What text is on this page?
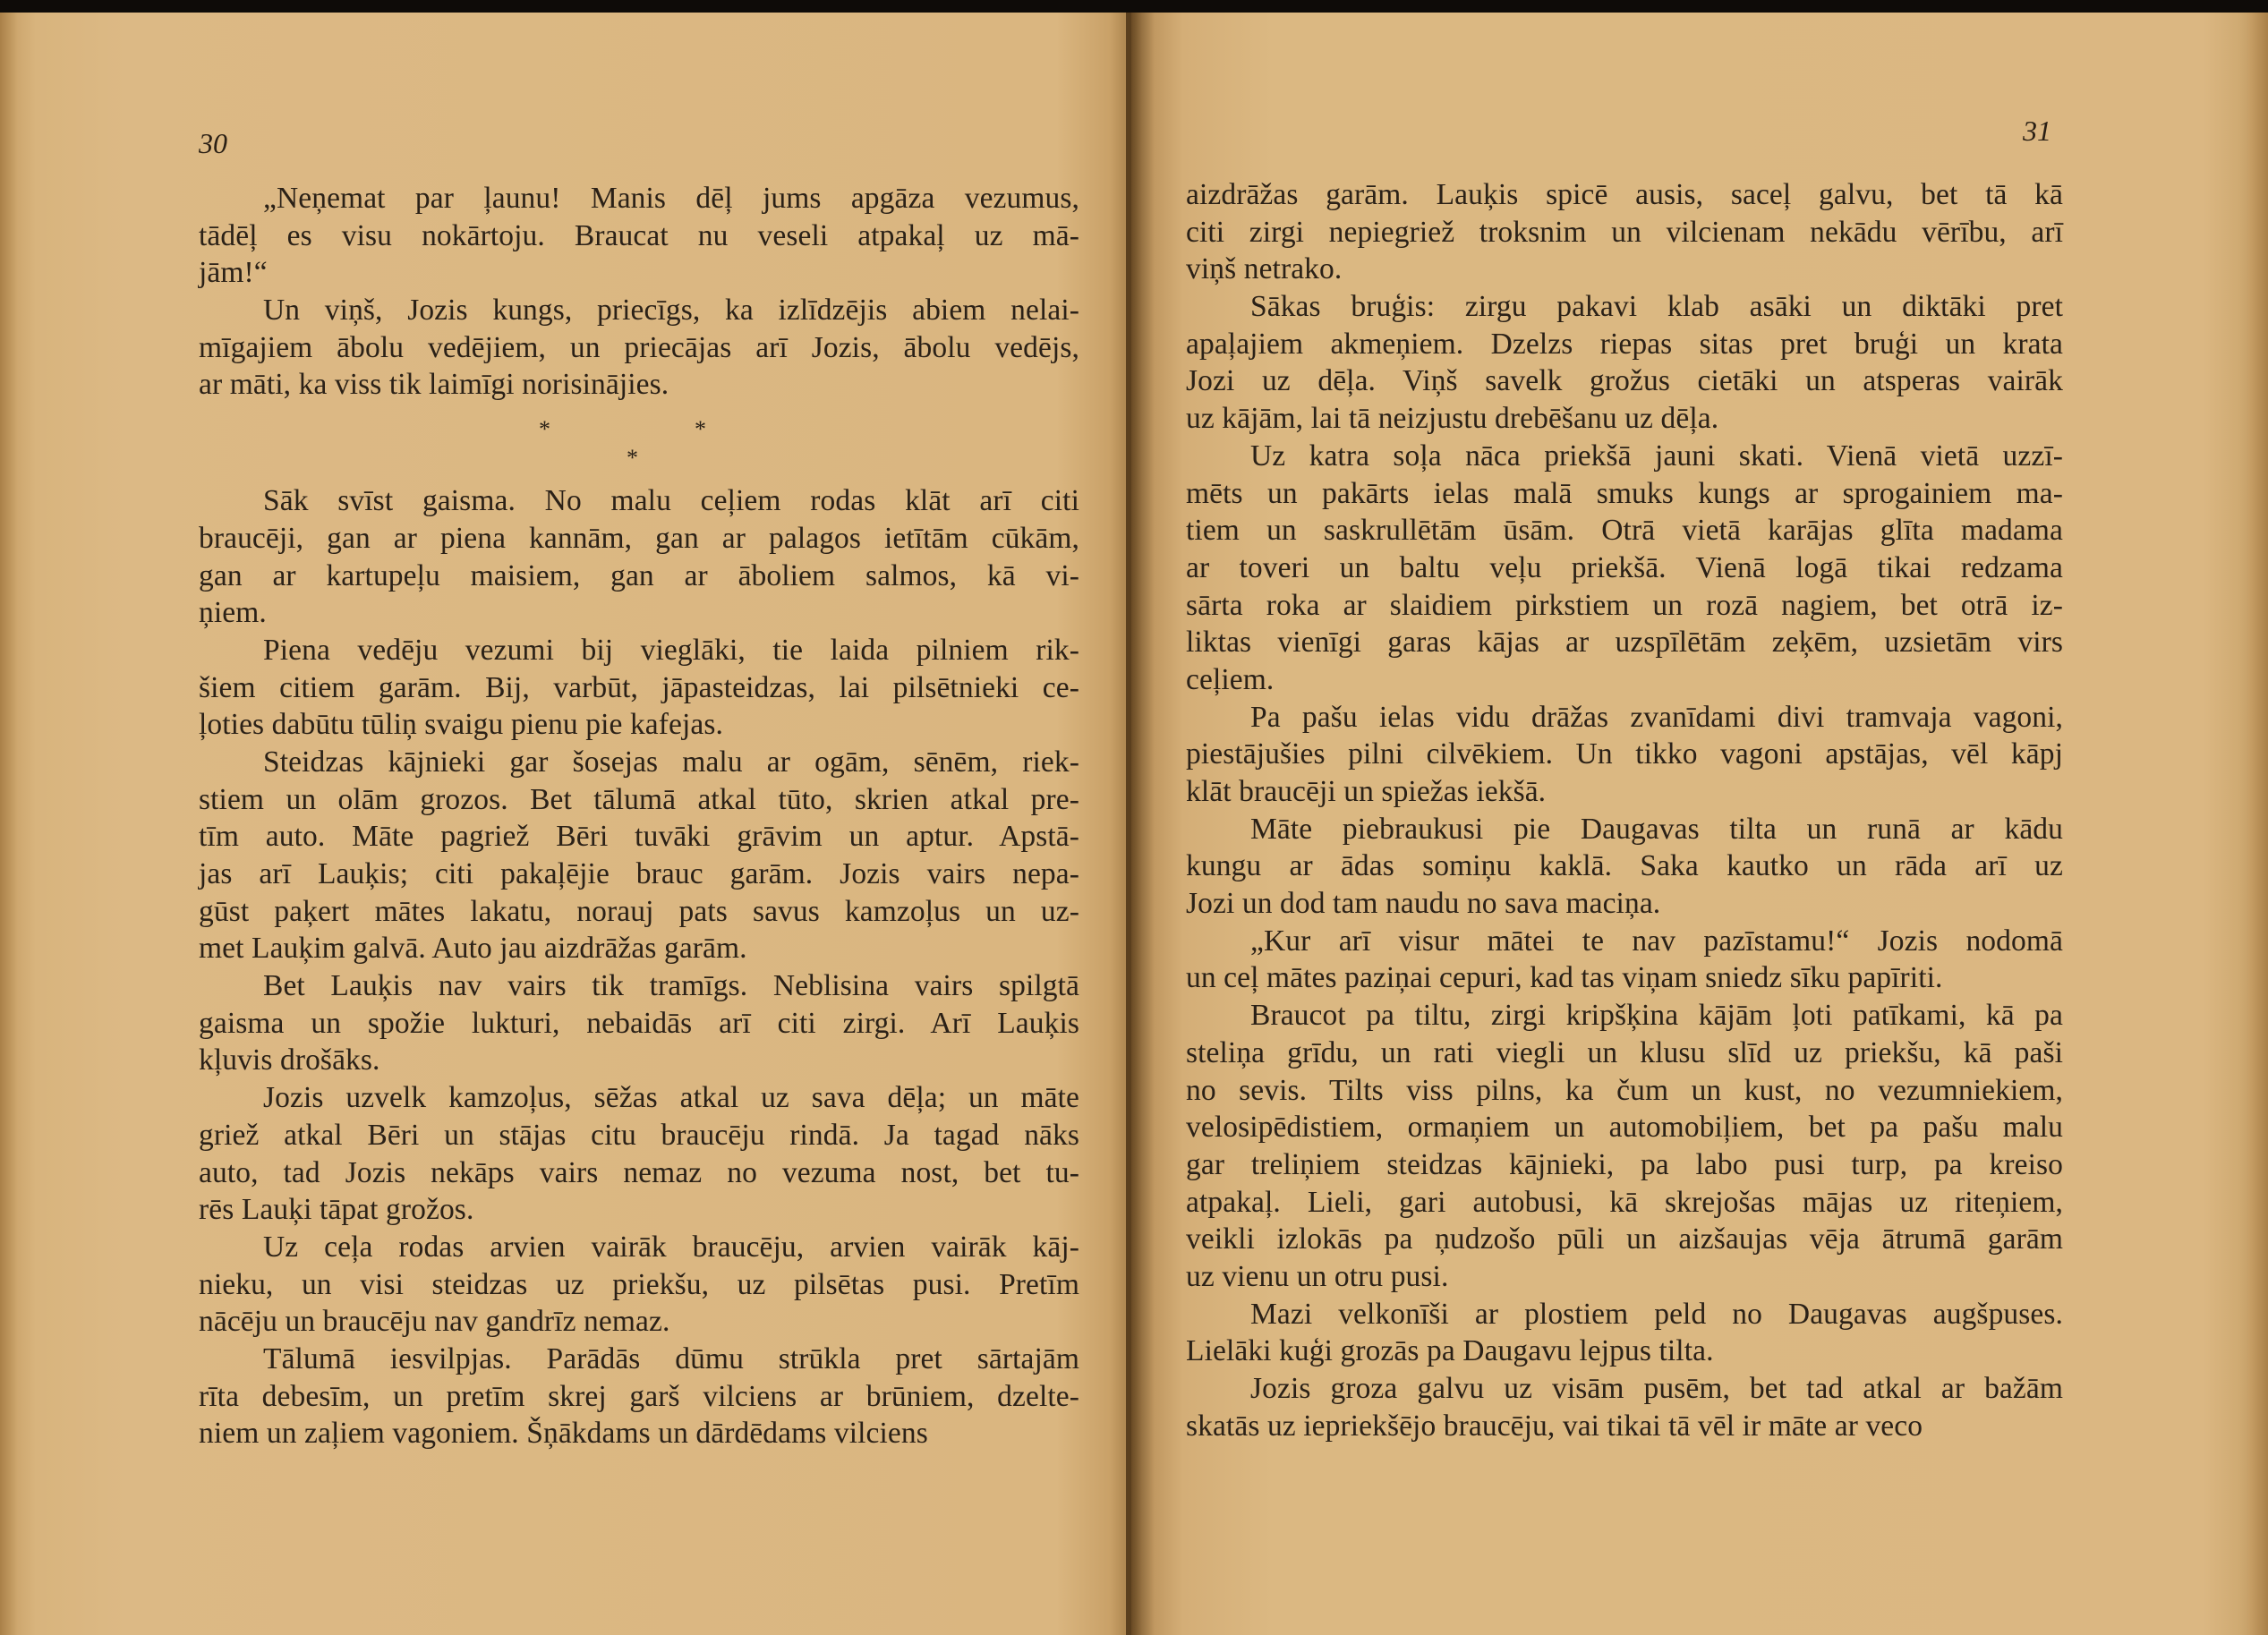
30	31
„Neņemat par ļaunu! Manis dēļ jums apgāza vezumus,
tādēļ es visu nokārtoju. Braucat nu veseli atpakaļ uz mā-
jām!“
Un viņš, Jozis kungs, priecīgs, ka izlīdzējis abiem nelai-
mīgajiem ābolu vedējiem, un priecājas arī Jozis, ābolu vedējs,
ar māti, ka viss tik laimīgi norisinājies.
*	*
*
Sāk svīst gaisma. No malu ceļiem rodas klāt arī citi
braucēji, gan ar piena kannām, gan ar palagos ietītām cūkām,
gan ar kartupeļu maisiem, gan ar āboliem salmos, kā vi-
ņiem.
Piena vedēju vezumi bij vieglāki, tie laida pilniem rik-
šiem citiem garām. Bij, varbūt, jāpasteidzas, lai pilsētnieki ce-
ļoties dabūtu tūliņ svaigu pienu pie kafejas.
Steidzas kājnieki gar šosejas malu ar ogām, sēnēm, riek-
stiem un olām grozos. Bet tālumā atkal tūto, skrien atkal pre-
tīm auto. Māte pagriež Bēri tuvāki grāvim un aptur. Apstā-
jas arī Lauķis; citi pakaļējie brauc garām. Jozis vairs nepa-
gūst paķert mātes lakatu, norauj pats savus kamzoļus un uz-
met Lauķim galvā. Auto jau aizdrāžas garām.
Bet Lauķis nav vairs tik tramīgs. Neblisina vairs spilgtā
gaisma un spožie lukturi, nebaidās arī citi zirgi. Arī Lauķis
kļuvis drošāks.
Jozis uzvelk kamzoļus, sēžas atkal uz sava dēļa; un māte
griež atkal Bēri un stājas citu braucēju rindā. Ja tagad nāks
auto, tad Jozis nekāps vairs nemaz no vezuma nost, bet tu-
rēs Lauķi tāpat grožos.
Uz ceļa rodas arvien vairāk braucēju, arvien vairāk kāj-
nieku, un visi steidzas uz priekšu, uz pilsētas pusi. Pretīm
nācēju un braucēju nav gandrīz nemaz.
Tālumā iesvilpjas. Parādās dūmu strūkla pret sārtajām
rīta debesīm, un pretīm skrej garš vilciens ar brūniem, dzelte-
niem un zaļiem vagoniem. Šņākdams un dārdēdams vilciens
aizdrāžas garām. Lauķis spicē ausis, saceļ galvu, bet tā kā
citi zirgi nepiegriež troksnim un vilcienam nekādu vērību, arī
viņš netrako.
Sākas bruģis: zirgu pakavi klab asāki un diktāki pret
apaļajiem akmeņiem. Dzelzs riepas sitas pret bruģi un krata
Jozi uz dēļa. Viņš savelk grožus cietāki un atsperas vairāk
uz kājām, lai tā neizjustu drebēšanu uz dēļa.
Uz katra soļa nāca priekšā jauni skati. Vienā vietā uzzī-
mēts un pakārts ielas malā smuks kungs ar sprogainiem ma-
tiem un saskrullētām ūsām. Otrā vietā karājas glīta madama
ar toveri un baltu veļu priekšā. Vienā logā tikai redzama
sārta roka ar slaidiem pirkstiem un rozā nagiem, bet otrā iz-
liktas vienīgi garas kājas ar uzspīlētām zeķēm, uzsietām virs
ceļiem.
Pa pašu ielas vidu drāžas zvanīdami divi tramvaja vagoni,
piestājušies pilni cilvēkiem. Un tikko vagoni apstājas, vēl kāpj
klāt braucēji un spiežas iekšā.
Māte piebraukusi pie Daugavas tilta un runā ar kādu
kungu ar ādas somiņu kaklā. Saka kautko un rāda arī uz
Jozi un dod tam naudu no sava maciņa.
„Kur arī visur mātei te nav pazīstamu!“ Jozis nodomā
un ceļ mātes paziņai cepuri, kad tas viņam sniedz sīku papīriti.
Braucot pa tiltu, zirgi kripšķina kājām ļoti patīkami, kā pa
steliņa grīdu, un rati viegli un klusu slīd uz priekšu, kā paši
no sevis. Tilts viss pilns, ka čum un kust, no vezumniekiem,
velosipēdistiem, ormaņiem un automobiļiem, bet pa pašu malu
gar treliņiem steidzas kājnieki, pa labo pusi turp, pa kreiso
atpakaļ. Lieli, gari autobusi, kā skrejošas mājas uz riteņiem,
veikli izlokās pa ņudzošo pūli un aizšaujas vēja ātrumā garām
uz vienu un otru pusi.
Mazi velkonīši ar plostiem peld no Daugavas augšpuses.
Lielāki kuģi grozās pa Daugavu lejpus tilta.
Jozis groza galvu uz visām pusēm, bet tad atkal ar bažām
skatās uz iepriekšējo braucēju, vai tikai tā vēl ir māte ar veco
